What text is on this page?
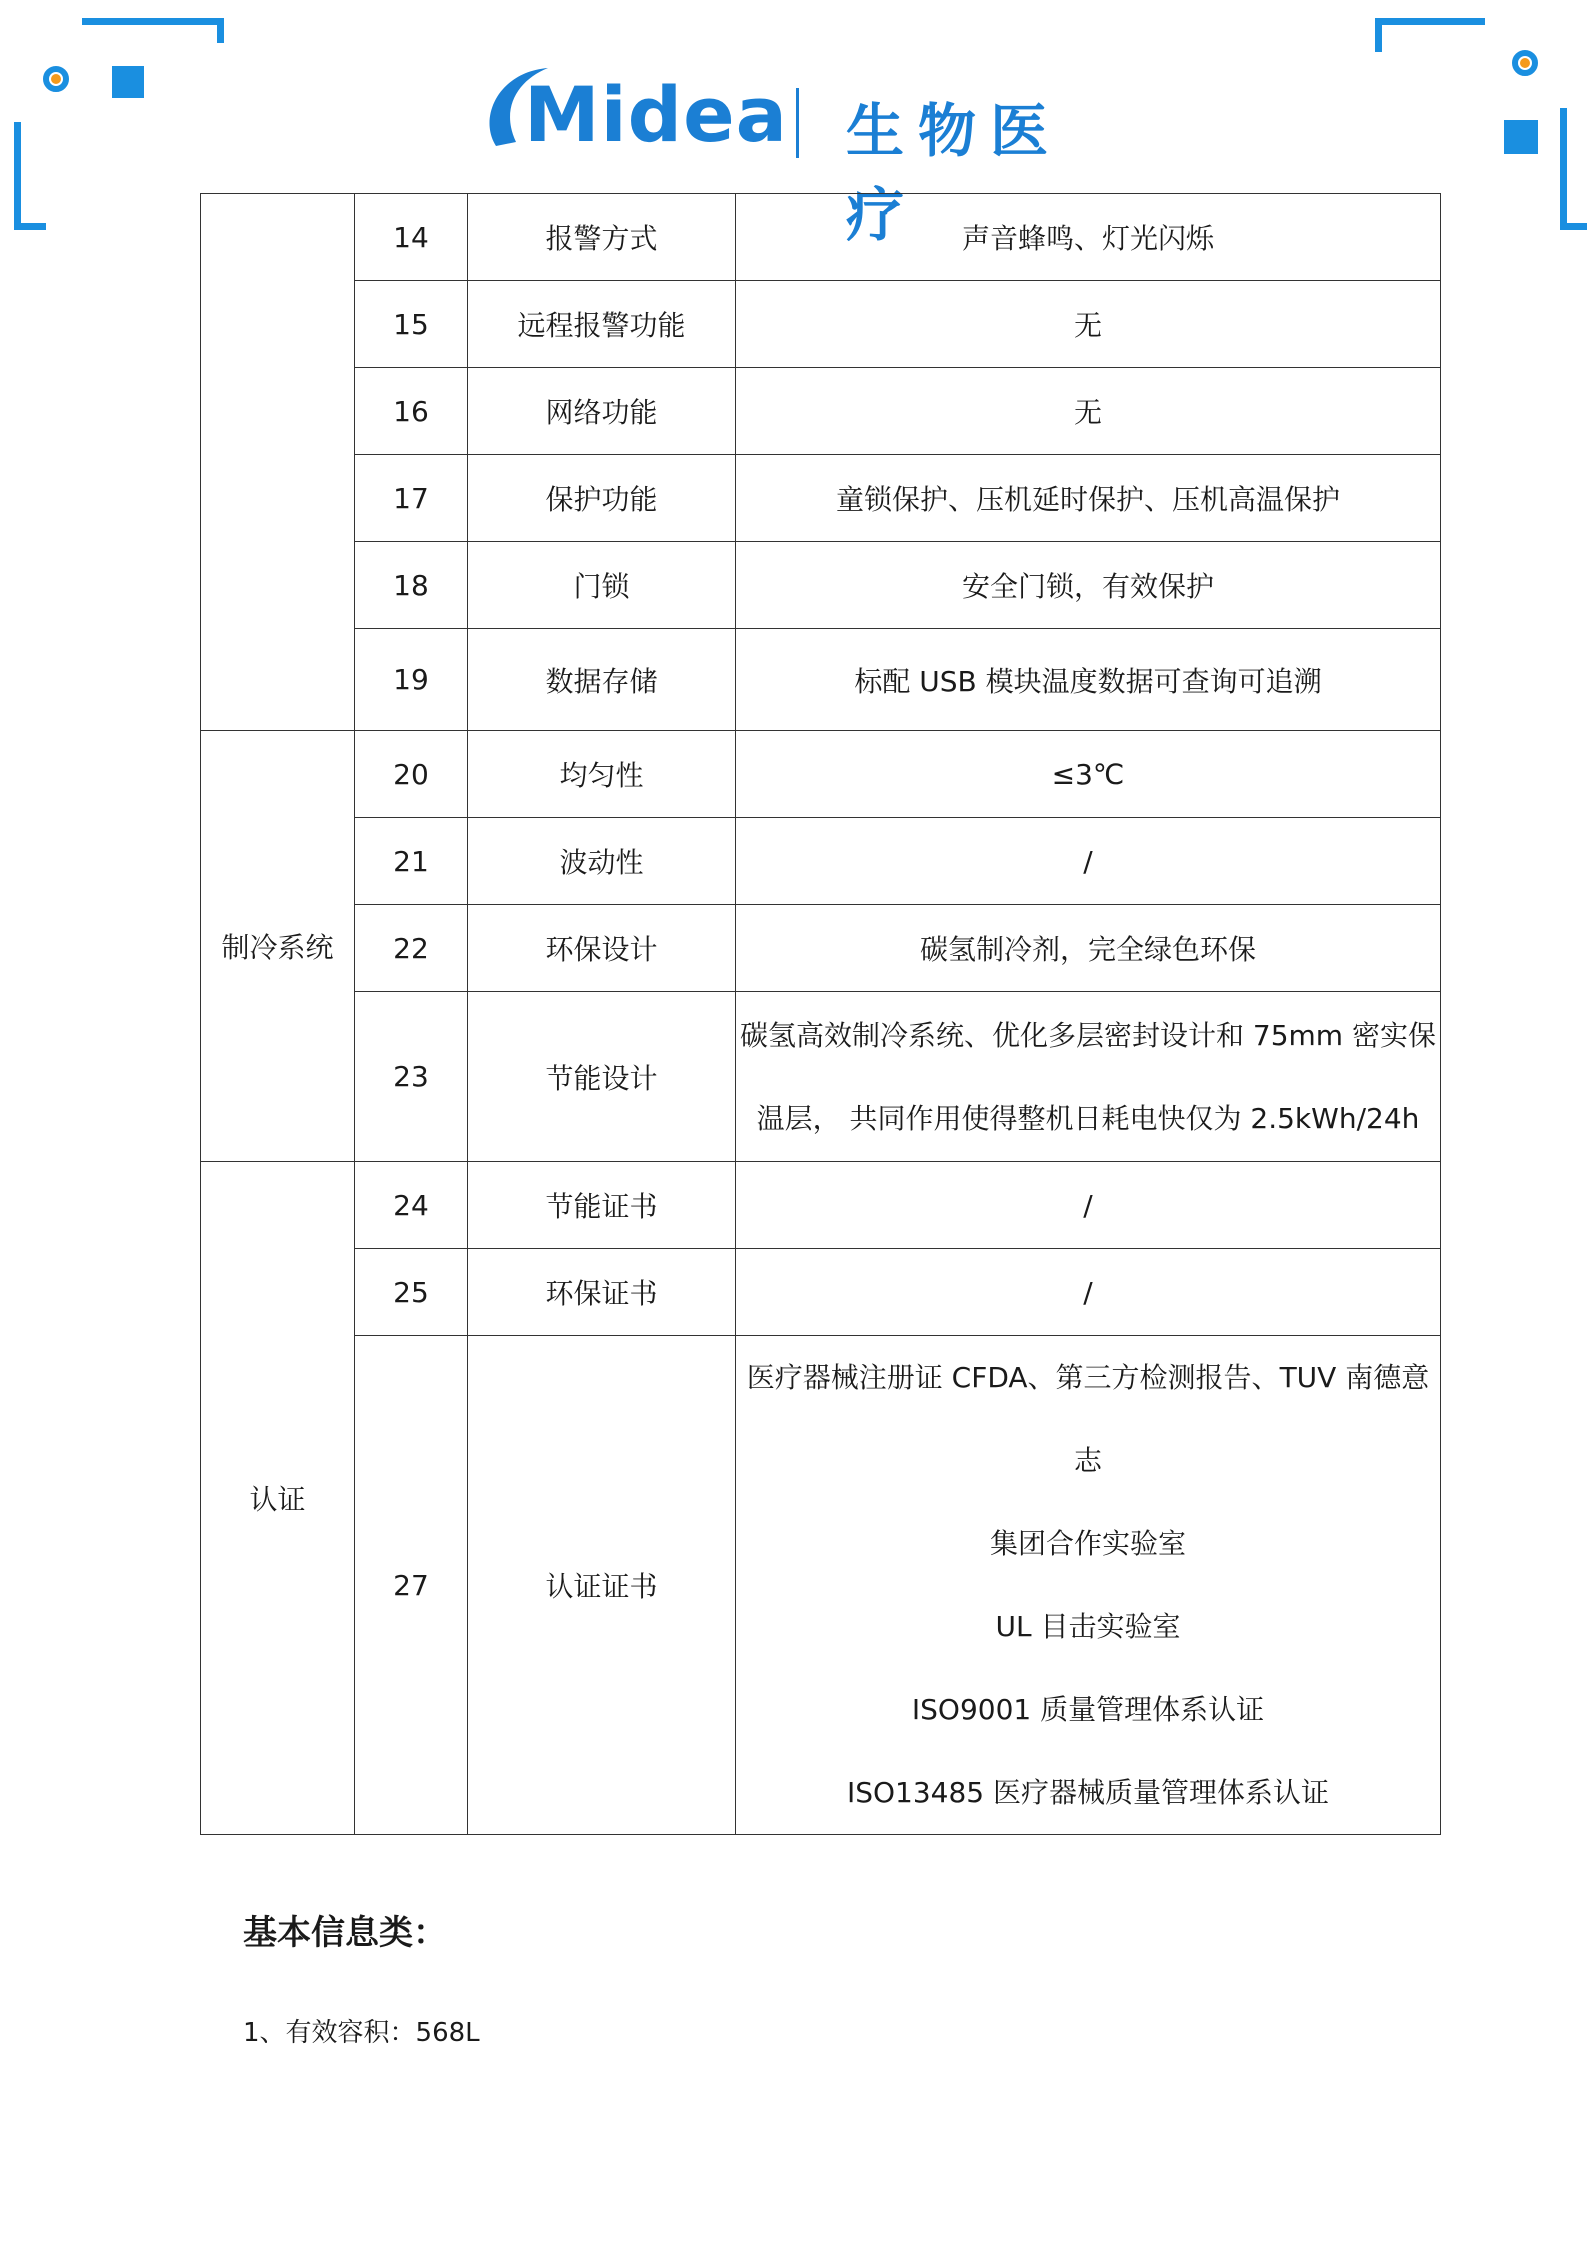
Midea 生物医疗
	14	报警方式	声音蜂鸣、灯光闪烁

	15	远程报警功能	无

	16	网络功能	无

	17	保护功能	童锁保护、压机延时保护、压机高温保护

	18	门锁	安全门锁，有效保护

	19	数据存储	标配 USB 模块温度数据可查询可追溯

制冷系统	20	均匀性	≤3℃

	21	波动性	/

	22	环保设计	碳氢制冷剂，完全绿色环保

	23	节能设计	碳氢高效制冷系统、优化多层密封设计和 75mm 密实保
温层， 共同作用使得整机日耗电快仅为 2.5kWh/24h

认证	24	节能证书	/

	25	环保证书	/

	27	认证证书	医疗器械注册证 CFDA、第三方检测报告、TUV 南德意志
集团合作实验室
UL 目击实验室
ISO9001 质量管理体系认证
ISO13485 医疗器械质量管理体系认证
基本信息类：
1、有效容积：568L
